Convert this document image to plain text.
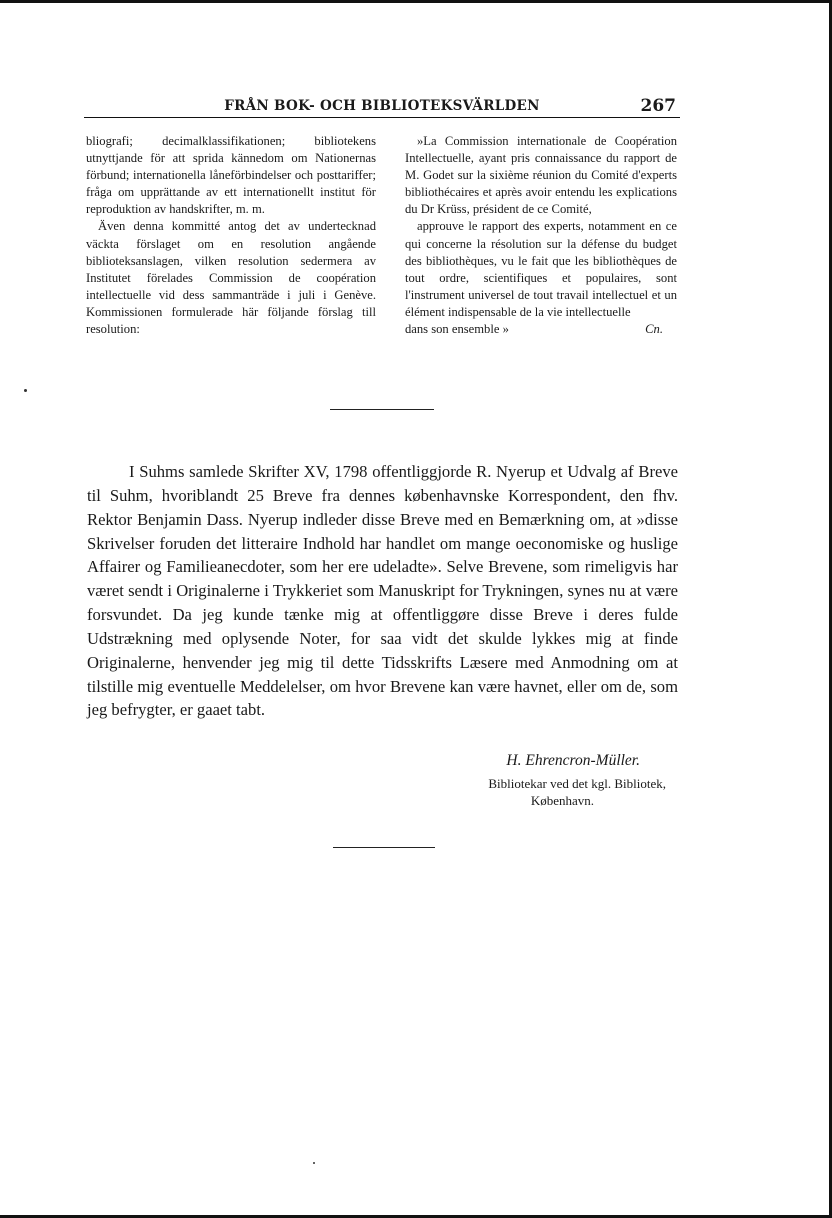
FRÅN BOK- OCH BIBLIOTEKSVÄRLDEN	267

bliografi; decimalklassifikationen; bibliotekens utnyttjande för att sprida kännedom om Nationernas förbund; internationella låneförbindelser och posttariffer; fråga om upprättande av ett internationellt institut för reproduktion av handskrifter, m. m.

Även denna kommitté antog det av undertecknad väckta förslaget om en resolution angående biblioteksanslagen, vilken resolution sedermera av Institutet förelades Commission de coopération intellectuelle vid dess sammanträde i juli i Genève. Kommissionen formulerade här följande förslag till resolution:

»La Commission internationale de Coopération Intellectuelle, ayant pris connaissance du rapport de M. Godet sur la sixième réunion du Comité d'experts bibliothécaires et après avoir entendu les explications du Dr Krüss, président de ce Comité,

approuve le rapport des experts, notamment en ce qui concerne la résolution sur la défense du budget des bibliothèques, vu le fait que les bibliothèques de tout ordre, scientifiques et populaires, sont l'instrument universel de tout travail intellectuel et un élément indispensable de la vie intellectuelle

dans son ensemble »	Cn.

I Suhms samlede Skrifter XV, 1798 offentliggjorde R. Nyerup et Udvalg af Breve til Suhm, hvoriblandt 25 Breve fra dennes københavnske Korrespondent, den fhv. Rektor Benjamin Dass. Nyerup indleder disse Breve med en Bemærkning om, at »disse Skrivelser foruden det litteraire Indhold har handlet om mange oeconomiske og huslige Affairer og Familieanecdoter, som her ere udeladte». Selve Brevene, som rimeligvis har været sendt i Originalerne i Trykkeriet som Manuskript for Trykningen, synes nu at være forsvundet. Da jeg kunde tænke mig at offentliggøre disse Breve i deres fulde Udstrækning med oplysende Noter, for saa vidt det skulde lykkes mig at finde Originalerne, henvender jeg mig til dette Tidsskrifts Læsere med Anmodning om at tilstille mig eventuelle Meddelelser, om hvor Brevene kan være havnet, eller om de, som jeg befrygter, er gaaet tabt.

H. Ehrencron-Müller.
Bibliotekar ved det kgl. Bibliotek,
København.
